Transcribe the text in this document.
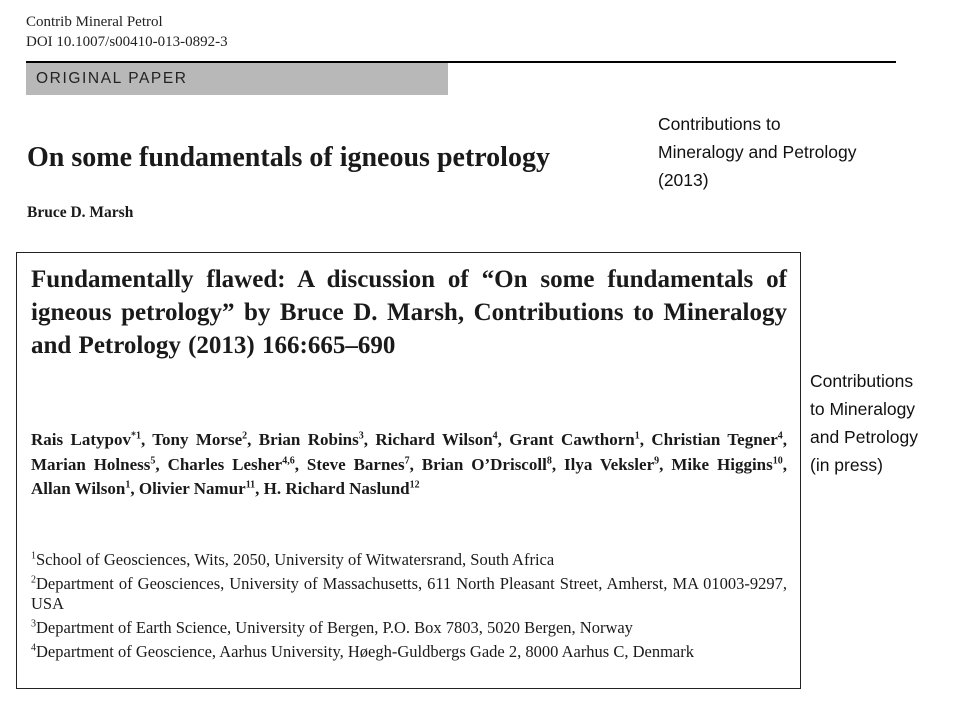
Contrib Mineral Petrol
DOI 10.1007/s00410-013-0892-3
ORIGINAL PAPER
On some fundamentals of igneous petrology
Bruce D. Marsh
Contributions to
Mineralogy and Petrology
(2013)
Contributions
to Mineralogy
and Petrology
(in press)
Fundamentally flawed: A discussion of “On some fundamentals of igneous petrology” by Bruce D. Marsh, Contributions to Mineralogy and Petrology (2013) 166:665–690
Rais Latypov$^{*1}$, Tony Morse$^2$, Brian Robins$^3$, Richard Wilson$^4$, Grant Cawthorn$^1$, Christian Tegner$^4$, Marian Holness$^5$, Charles Lesher$^{4,6}$, Steve Barnes$^7$, Brian O’Driscoll$^8$, Ilya Veksler$^9$, Mike Higgins$^{10}$, Allan Wilson$^1$, Olivier Namur$^{11}$, H. Richard Naslund$^{12}$
$^1$School of Geosciences, Wits, 2050, University of Witwatersrand, South Africa
$^2$Department of Geosciences, University of Massachusetts, 611 North Pleasant Street, Amherst, MA 01003-9297, USA
$^3$Department of Earth Science, University of Bergen, P.O. Box 7803, 5020 Bergen, Norway
$^4$Department of Geoscience, Aarhus University, Høegh-Guldbergs Gade 2, 8000 Aarhus C, Denmark
